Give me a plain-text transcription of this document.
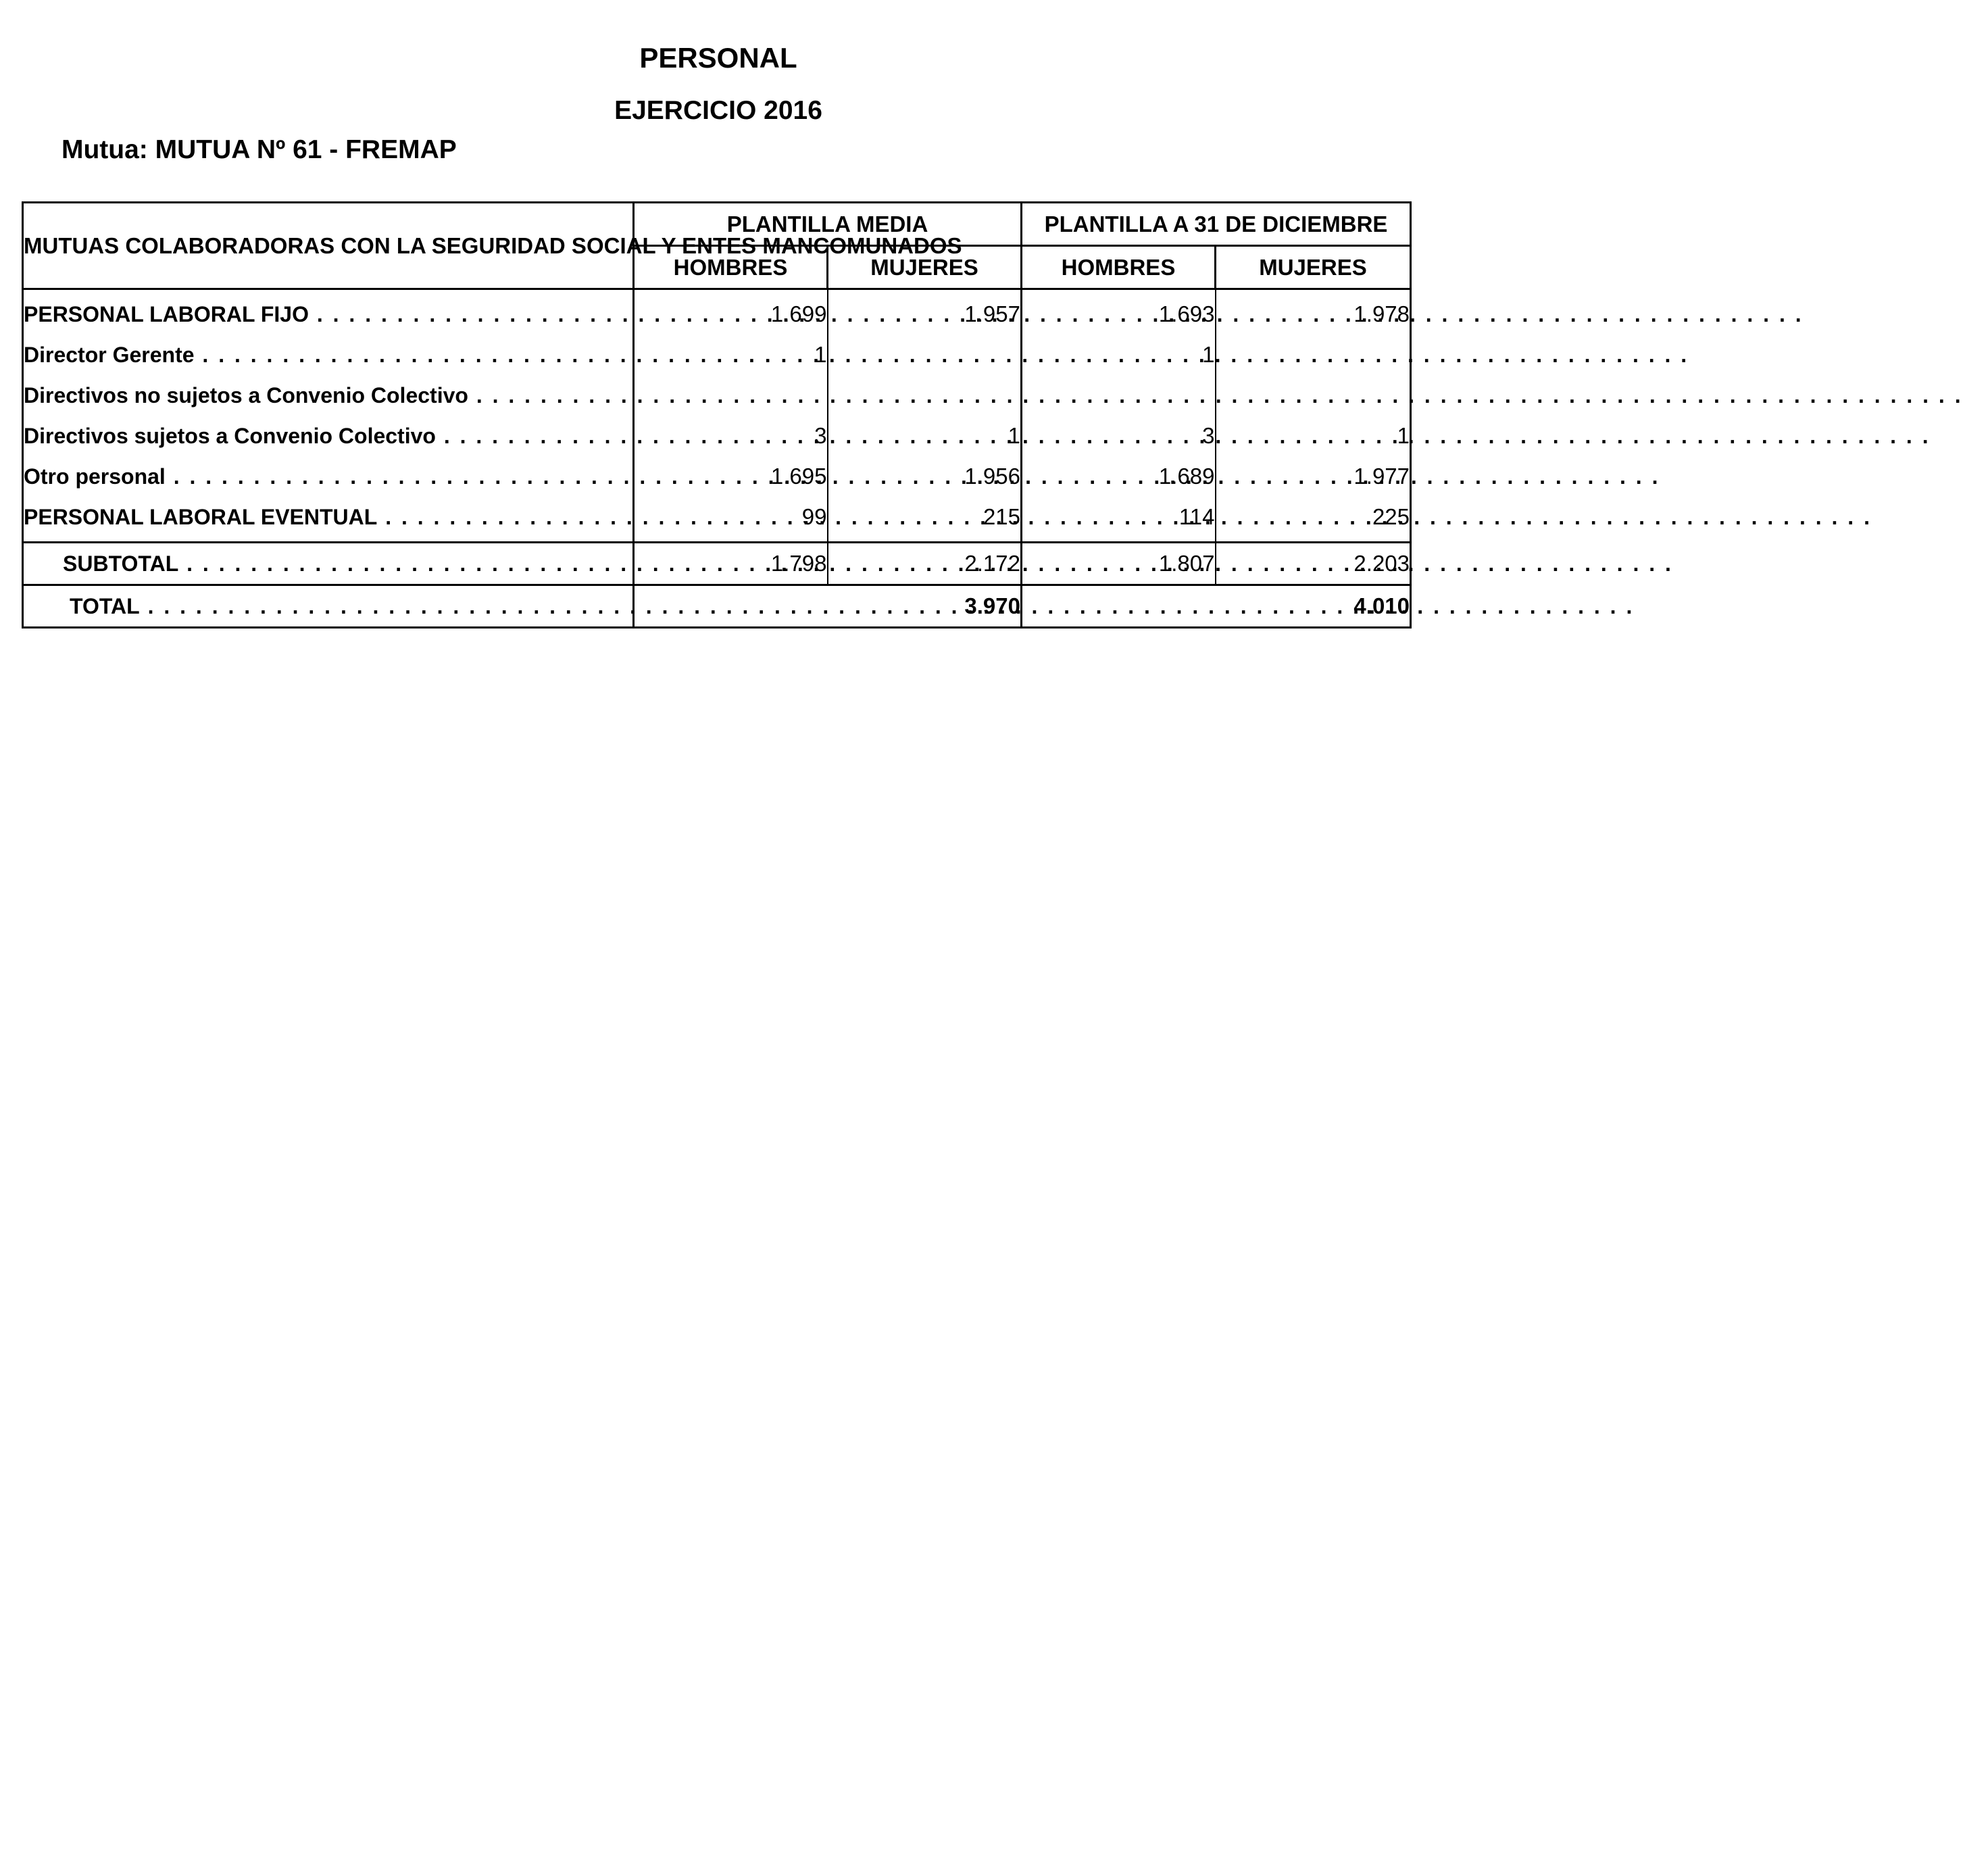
PERSONAL
EJERCICIO 2016
Mutua: MUTUA Nº 61 - FREMAP
MUTUAS COLABORADORAS CON LA SEGURIDAD SOCIAL Y ENTES MANCOMUNADOS	PLANTILLA MEDIA		PLANTILLA A 31 DE DICIEMBRE	
	HOMBRES	MUJERES	HOMBRES	MUJERES

PERSONAL LABORAL FIJO . . .	1.699	1.957	1.693	1.978

Director Gerente . . .	1		1	

Directivos no sujetos a Convenio Colectivo . . .

Directivos sujetos a Convenio Colectivo . . .	3	1	3	1

Otro personal . . .	1.695	1.956	1.689	1.977

PERSONAL LABORAL EVENTUAL . . .	99	215	114	225

SUBTOTAL . . .	1.798	2.172	1.807	2.203

TOTAL . . .	3.970		4.010	
